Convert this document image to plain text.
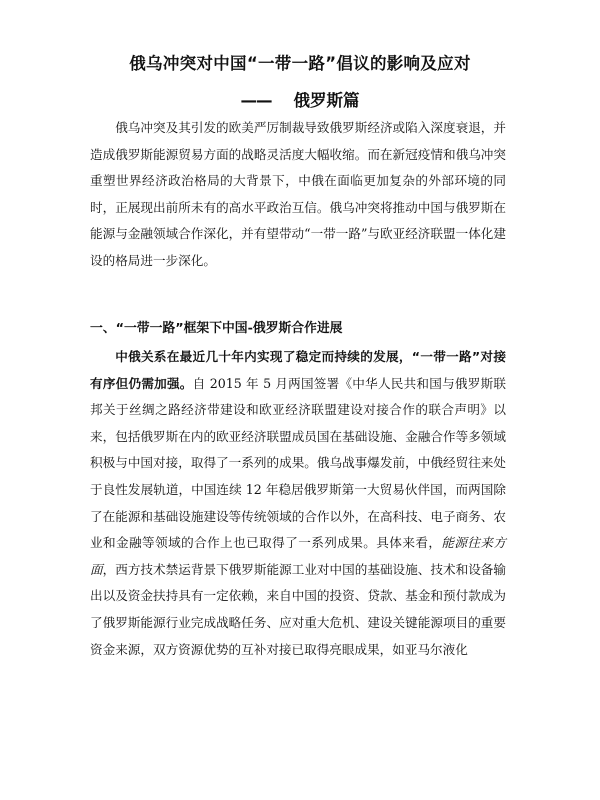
俄乌冲突对中国“一带一路”倡议的影响及应对
—— 俄罗斯篇

俄乌冲突及其引发的欧美严厉制裁导致俄罗斯经济或陷入深度衰退，并造成俄罗斯能源贸易方面的战略灵活度大幅收缩。而在新冠疫情和俄乌冲突重塑世界经济政治格局的大背景下，中俄在面临更加复杂的外部环境的同时，正展现出前所未有的高水平政治互信。俄乌冲突将推动中国与俄罗斯在能源与金融领域合作深化，并有望带动“一带一路”与欧亚经济联盟一体化建设的格局进一步深化。

一、“一带一路”框架下中国-俄罗斯合作进展

中俄关系在最近几十年内实现了稳定而持续的发展，“一带一路”对接有序但仍需加强。自 2015 年 5 月两国签署《中华人民共和国与俄罗斯联邦关于丝绸之路经济带建设和欧亚经济联盟建设对接合作的联合声明》以来，包括俄罗斯在内的欧亚经济联盟成员国在基础设施、金融合作等多领域积极与中国对接，取得了一系列的成果。俄乌战事爆发前，中俄经贸往来处于良性发展轨道，中国连续 12 年稳居俄罗斯第一大贸易伙伴国，而两国除了在能源和基础设施建设等传统领域的合作以外，在高科技、电子商务、农业和金融等领域的合作上也已取得了一系列成果。具体来看，能源往来方面，西方技术禁运背景下俄罗斯能源工业对中国的基础设施、技术和设备输出以及资金扶持具有一定依赖，来自中国的投资、贷款、基金和预付款成为了俄罗斯能源行业完成战略任务、应对重大危机、建设关键能源项目的重要资金来源，双方资源优势的互补对接已取得亮眼成果，如亚马尔液化
